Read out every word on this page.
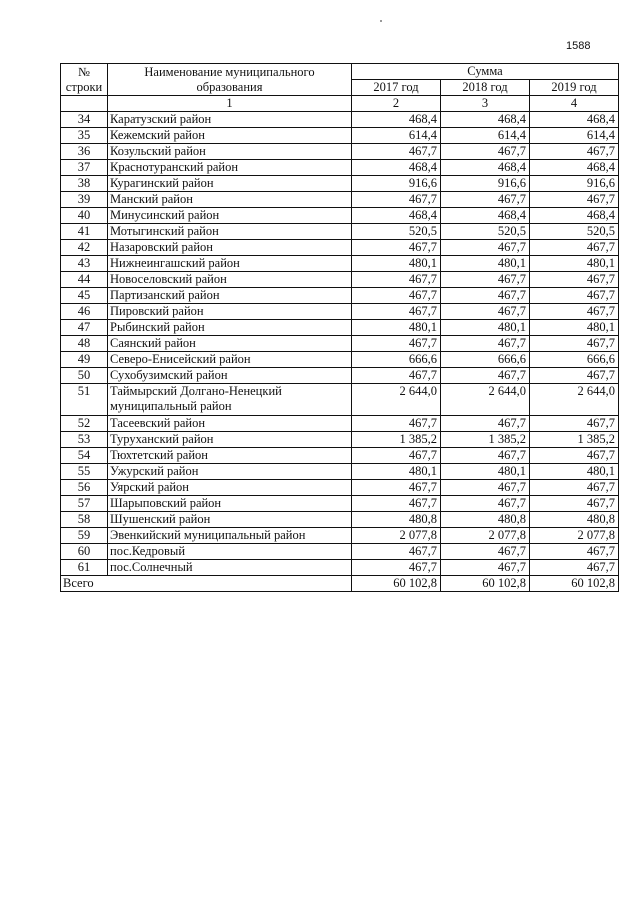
1588
№ строки	Наименование муниципального образования	Сумма		
		2017 год	2018 год	2019 год
	1	2	3	4
34	Каратузский район	468,4	468,4	468,4
35	Кежемский район	614,4	614,4	614,4
36	Козульский район	467,7	467,7	467,7
37	Краснотуранский район	468,4	468,4	468,4
38	Курагинский район	916,6	916,6	916,6
39	Манский район	467,7	467,7	467,7
40	Минусинский район	468,4	468,4	468,4
41	Мотыгинский район	520,5	520,5	520,5
42	Назаровский район	467,7	467,7	467,7
43	Нижнеингашский район	480,1	480,1	480,1
44	Новоселовский район	467,7	467,7	467,7
45	Партизанский район	467,7	467,7	467,7
46	Пировский район	467,7	467,7	467,7
47	Рыбинский район	480,1	480,1	480,1
48	Саянский район	467,7	467,7	467,7
49	Северо-Енисейский район	666,6	666,6	666,6
50	Сухобузимский район	467,7	467,7	467,7
51	Таймырский Долгано-Ненецкий муниципальный район	2 644,0	2 644,0	2 644,0
52	Тасеевский район	467,7	467,7	467,7
53	Туруханский район	1 385,2	1 385,2	1 385,2
54	Тюхтетский район	467,7	467,7	467,7
55	Ужурский район	480,1	480,1	480,1
56	Уярский район	467,7	467,7	467,7
57	Шарыповский район	467,7	467,7	467,7
58	Шушенский район	480,8	480,8	480,8
59	Эвенкийский муниципальный район	2 077,8	2 077,8	2 077,8
60	пос.Кедровый	467,7	467,7	467,7
61	пос.Солнечный	467,7	467,7	467,7
Всего		60 102,8	60 102,8	60 102,8
